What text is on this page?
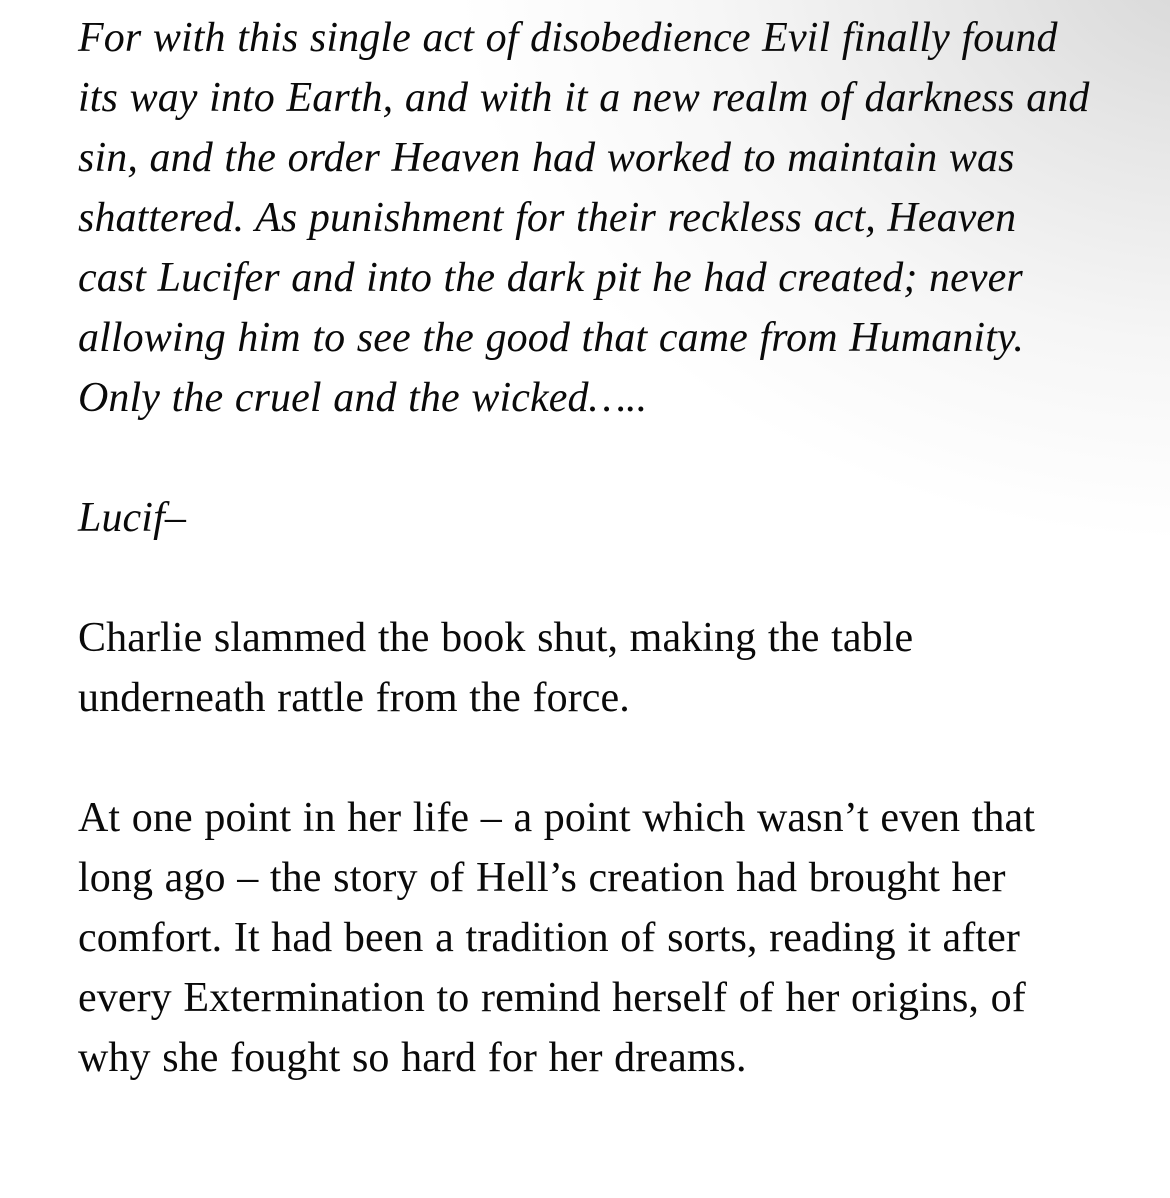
For with this single act of disobedience Evil finally found its way into Earth, and with it a new realm of darkness and sin, and the order Heaven had worked to maintain was shattered. As punishment for their reckless act, Heaven cast Lucifer and into the dark pit he had created; never allowing him to see the good that came from Humanity. Only the cruel and the wicked…..

Lucif–

Charlie slammed the book shut, making the table underneath rattle from the force.

At one point in her life – a point which wasn’t even that long ago – the story of Hell’s creation had brought her comfort. It had been a tradition of sorts, reading it after every Extermination to remind herself of her origins, of why she fought so hard for her dreams.
